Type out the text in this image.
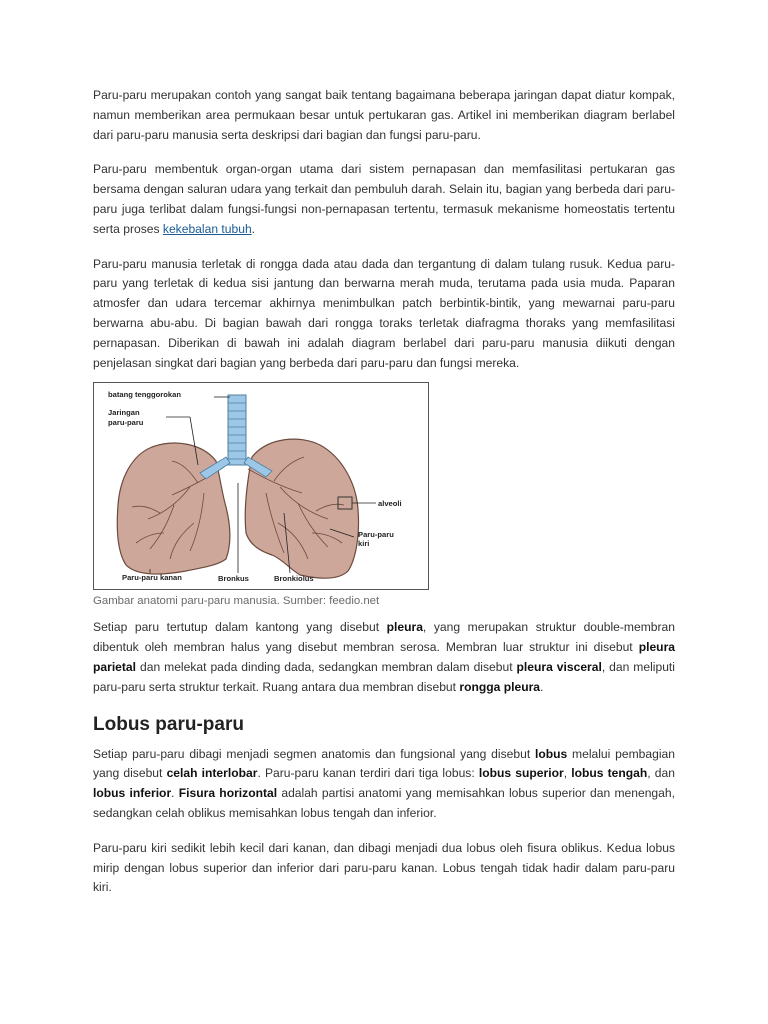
Paru-paru merupakan contoh yang sangat baik tentang bagaimana beberapa jaringan dapat diatur kompak, namun memberikan area permukaan besar untuk pertukaran gas. Artikel ini memberikan diagram berlabel dari paru-paru manusia serta deskripsi dari bagian dan fungsi paru-paru.

Paru-paru membentuk organ-organ utama dari sistem pernapasan dan memfasilitasi pertukaran gas bersama dengan saluran udara yang terkait dan pembuluh darah. Selain itu, bagian yang berbeda dari paru-paru juga terlibat dalam fungsi-fungsi non-pernapasan tertentu, termasuk mekanisme homeostatis tertentu serta proses kekebalan tubuh.

Paru-paru manusia terletak di rongga dada atau dada dan tergantung di dalam tulang rusuk. Kedua paru-paru yang terletak di kedua sisi jantung dan berwarna merah muda, terutama pada usia muda. Paparan atmosfer dan udara tercemar akhirnya menimbulkan patch berbintik-bintik, yang mewarnai paru-paru berwarna abu-abu. Di bagian bawah dari rongga toraks terletak diafragma thoraks yang memfasilitasi pernapasan. Diberikan di bawah ini adalah diagram berlabel dari paru-paru manusia diikuti dengan penjelasan singkat dari bagian yang berbeda dari paru-paru dan fungsi mereka.

batang tenggorokan
Jaringan
paru-paru
alveoli
Paru-paru
kiri
Paru-paru kanan	Bronkus	Bronkiolus
Gambar anatomi paru-paru manusia. Sumber: feedio.net

Setiap paru tertutup dalam kantong yang disebut pleura, yang merupakan struktur double-membran dibentuk oleh membran halus yang disebut membran serosa. Membran luar struktur ini disebut pleura parietal dan melekat pada dinding dada, sedangkan membran dalam disebut pleura visceral, dan meliputi paru-paru serta struktur terkait. Ruang antara dua membran disebut rongga pleura.

Lobus paru-paru

Setiap paru-paru dibagi menjadi segmen anatomis dan fungsional yang disebut lobus melalui pembagian yang disebut celah interlobar. Paru-paru kanan terdiri dari tiga lobus: lobus superior, lobus tengah, dan lobus inferior. Fisura horizontal adalah partisi anatomi yang memisahkan lobus superior dan menengah, sedangkan celah oblikus memisahkan lobus tengah dan inferior.

Paru-paru kiri sedikit lebih kecil dari kanan, dan dibagi menjadi dua lobus oleh fisura oblikus. Kedua lobus mirip dengan lobus superior dan inferior dari paru-paru kanan. Lobus tengah tidak hadir dalam paru-paru kiri.
